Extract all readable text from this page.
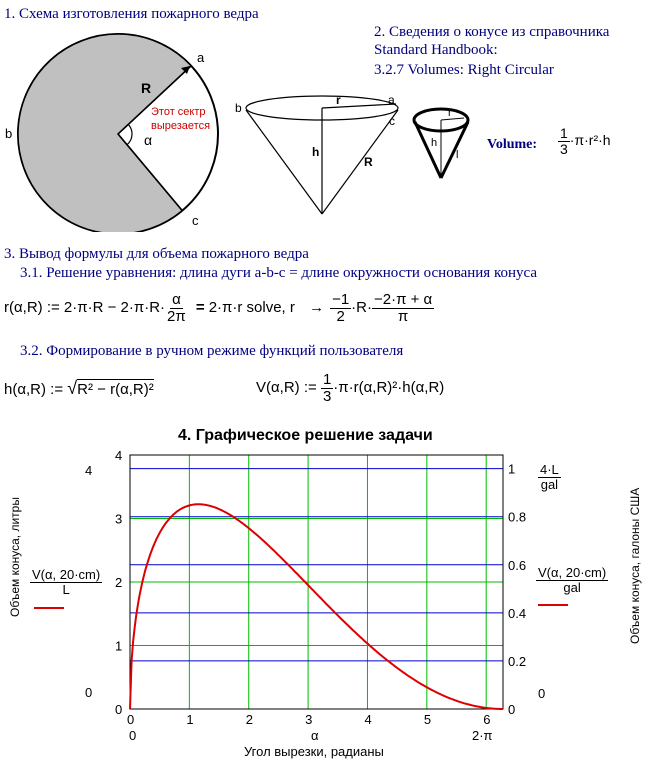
1. Схема изготовления пожарного ведра
a
b
c
R
α
Этот сектр
вырезается
2. Сведения о конусе из справочника
Standard Handbook:
3.2.7 Volumes: Right Circular
r	a
b
c
h
R
r
h
l
Volume: $\frac{1}{3} \cdot\pi\cdot r^2\cdot h$
3. Вывод формулы для объема пожарного ведра
3.1. Решение уравнения: длина дуги a-b-c = длине окружности основания конуса
r(α,R) := $2\cdot\pi\cdot R - 2\cdot\pi\cdot R\cdot \frac{\alpha}{2\pi} = 2\cdot\pi\cdot r$ solve, $r \to \frac{-1}{2} \cdot R\cdot \frac{-2\cdot\pi + \alpha}{\pi}$
3.2. Формирование в ручном режиме функций пользователя
h(α,R) := √R² − r(α,R)²	V(α,R) := $\frac{1}{3} \cdot\pi\cdot r(\alpha,R)^2\cdot h(\alpha,R)$
4. Графическое решение задачи
0	1	2	3	4	5	6
0
1
2
3
4
0
0.2
0.4
0.6
0.8
1
Объем конуса, литры $\frac{V(\alpha, 20\cdot cm)}{L}$
4
0
$\frac{4\cdot L}{\text{gal}}$
$\frac{V(\alpha, 20\cdot cm)}{\text{gal}}$
0
Объем конуса, галоны США
0	α	2·π
Угол вырезки, радианы
